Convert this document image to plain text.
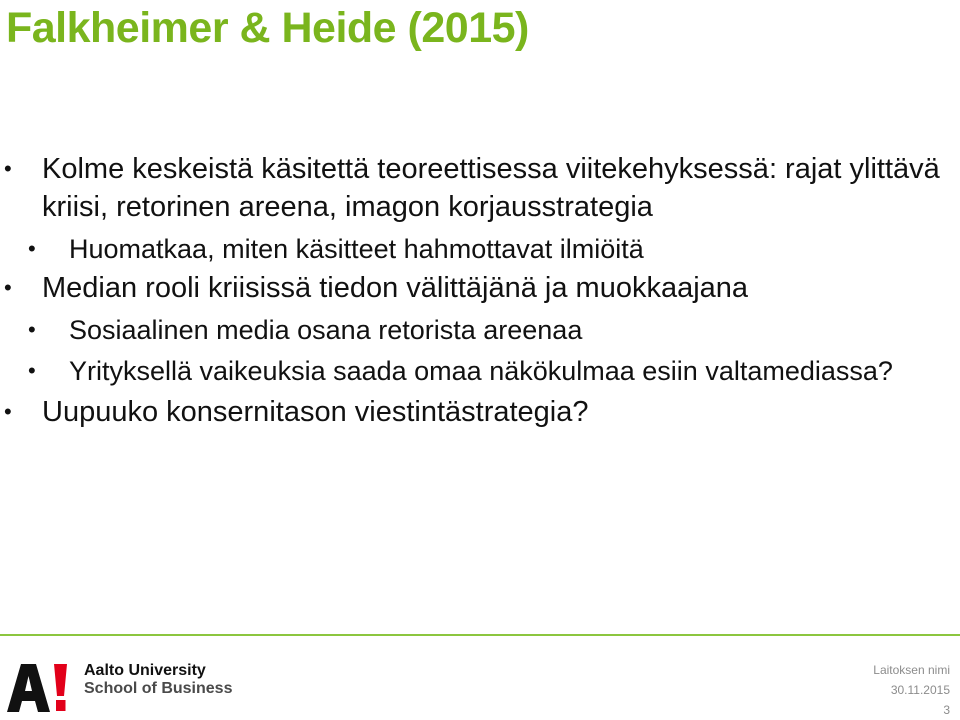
Falkheimer & Heide (2015)
• Kolme keskeistä käsitettä teoreettisessa viitekehyksessä: rajat ylittävä kriisi, retorinen areena, imagon korjausstrategia
• Huomatkaa, miten käsitteet hahmottavat ilmiöitä
• Median rooli kriisissä tiedon välittäjänä ja muokkaajana
• Sosiaalinen media osana retorista areenaa
• Yrityksellä vaikeuksia saada omaa näkökulmaa esiin valtamediassa?
• Uupuuko konsernitason viestintästrategia?
Aalto University
School of Business
Laitoksen nimi
30.11.2015
3
